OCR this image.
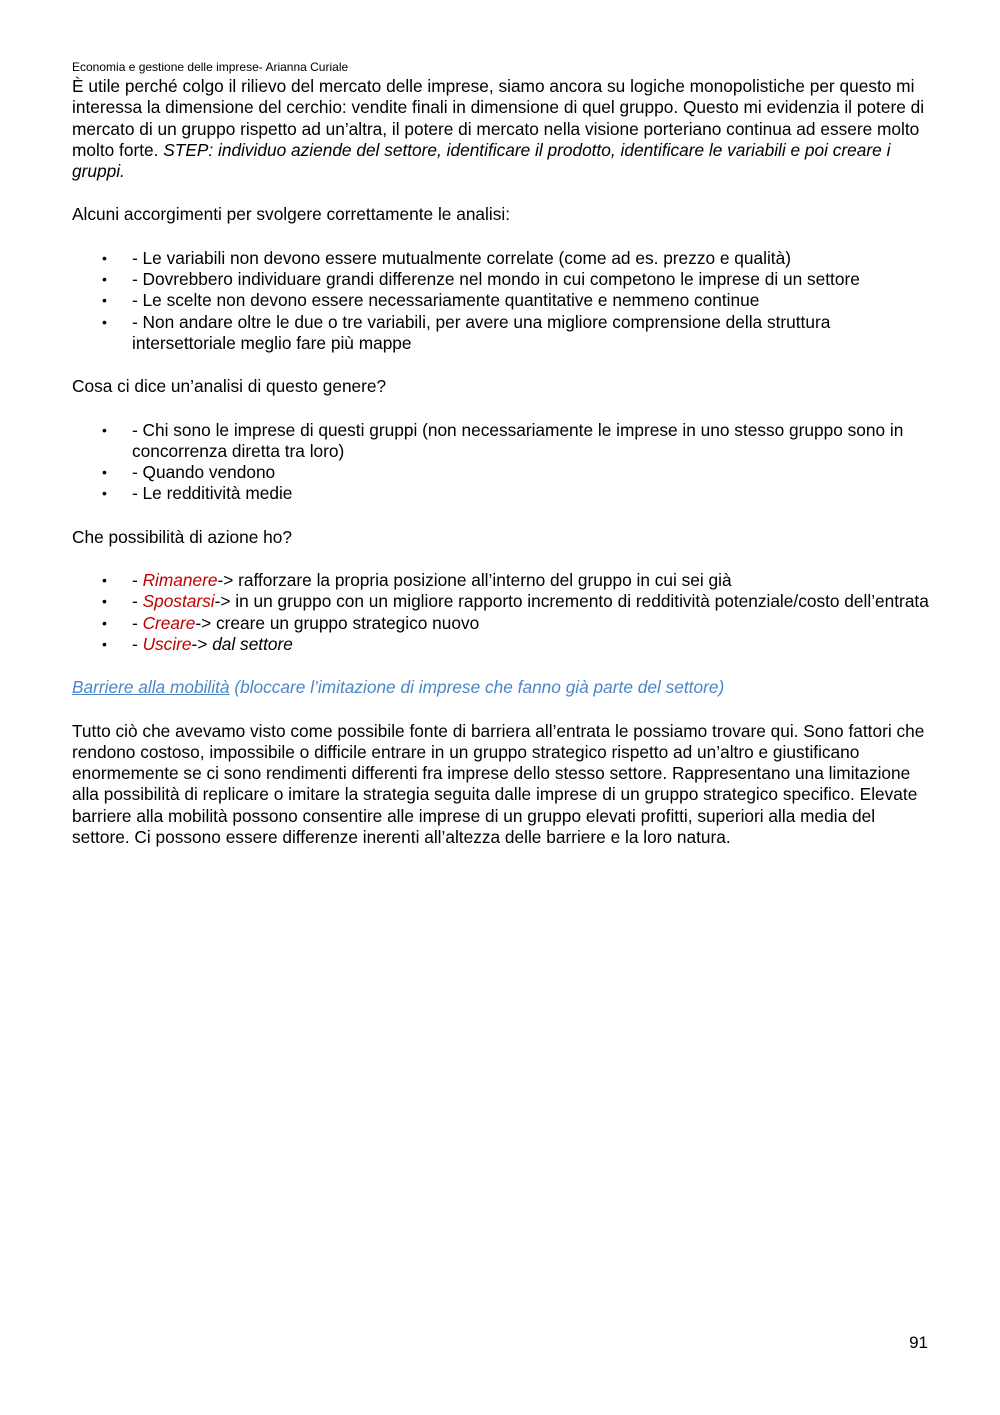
Economia e gestione delle imprese- Arianna Curiale

È utile perché colgo il rilievo del mercato delle imprese, siamo ancora su logiche monopolistiche per questo mi interessa la dimensione del cerchio: vendite finali in dimensione di quel gruppo. Questo mi evidenzia il potere di mercato di un gruppo rispetto ad un’altra, il potere di mercato nella visione porteriano continua ad essere molto molto forte. STEP: individuo aziende del settore, identificare il prodotto, identificare le variabili e poi creare i gruppi.

Alcuni accorgimenti per svolgere correttamente le analisi:

• - Le variabili non devono essere mutualmente correlate (come ad es. prezzo e qualità)
• - Dovrebbero individuare grandi differenze nel mondo in cui competono le imprese di un settore
• - Le scelte non devono essere necessariamente quantitative e nemmeno continue
• - Non andare oltre le due o tre variabili, per avere una migliore comprensione della struttura intersettoriale meglio fare più mappe

Cosa ci dice un’analisi di questo genere?

• - Chi sono le imprese di questi gruppi (non necessariamente le imprese in uno stesso gruppo sono in concorrenza diretta tra loro)
• - Quando vendono
• - Le redditività medie

Che possibilità di azione ho?

• - Rimanere-> rafforzare la propria posizione all’interno del gruppo in cui sei già
• - Spostarsi-> in un gruppo con un migliore rapporto incremento di redditività potenziale/costo dell’entrata
• - Creare-> creare un gruppo strategico nuovo
• - Uscire-> dal settore

Barriere alla mobilità (bloccare l’imitazione di imprese che fanno già parte del settore)

Tutto ciò che avevamo visto come possibile fonte di barriera all’entrata le possiamo trovare qui. Sono fattori che rendono costoso, impossibile o difficile entrare in un gruppo strategico rispetto ad un’altro e giustificano enormemente se ci sono rendimenti differenti fra imprese dello stesso settore. Rappresentano una limitazione alla possibilità di replicare o imitare la strategia seguita dalle imprese di un gruppo strategico specifico. Elevate barriere alla mobilità possono consentire alle imprese di un gruppo elevati profitti, superiori alla media del settore. Ci possono essere differenze inerenti all’altezza delle barriere e la loro natura.

91
